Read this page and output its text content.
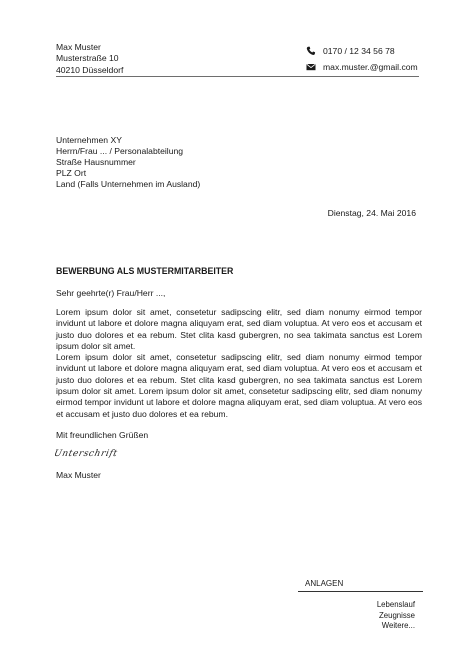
Max Muster
Musterstraße 10
40210 Düsseldorf
0170 / 12 34 56 78
max.muster.@gmail.com
Unternehmen XY
Herrn/Frau ... / Personalabteilung
Straße Hausnummer
PLZ Ort
Land (Falls Unternehmen im Ausland)
Dienstag, 24. Mai 2016
BEWERBUNG ALS MUSTERMITARBEITER
Sehr geehrte(r) Frau/Herr ...,

Lorem ipsum dolor sit amet, consetetur sadipscing elitr, sed diam nonumy eirmod tempor invidunt ut labore et dolore magna aliquyam erat, sed diam voluptua. At vero eos et accusam et justo duo dolores et ea rebum. Stet clita kasd gubergren, no sea takimata sanctus est Lorem ipsum dolor sit amet.

Lorem ipsum dolor sit amet, consetetur sadipscing elitr, sed diam nonumy eirmod tempor invidunt ut labore et dolore magna aliquyam erat, sed diam voluptua. At vero eos et accusam et justo duo dolores et ea rebum. Stet clita kasd gubergren, no sea takimata sanctus est Lorem ipsum dolor sit amet. Lorem ipsum dolor sit amet, consetetur sadipscing elitr, sed diam nonumy eirmod tempor invidunt ut labore et dolore magna aliquyam erat, sed diam voluptua. At vero eos et accusam et justo duo dolores et ea rebum.

Mit freundlichen Grüßen
Unterschrift
Max Muster
ANLAGEN
Lebenslauf
Zeugnisse
Weitere...
